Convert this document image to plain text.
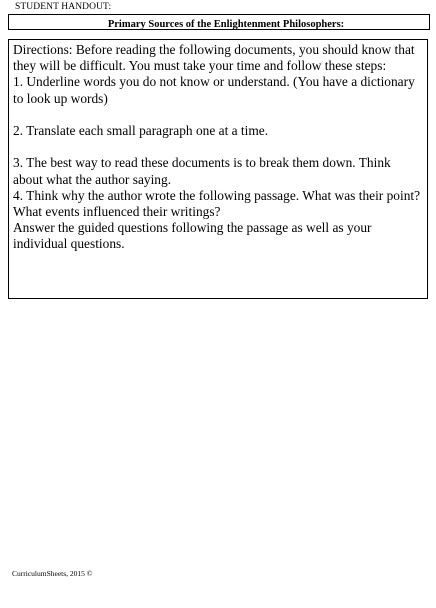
STUDENT HANDOUT:
Primary Sources of the Enlightenment Philosophers:

Directions: Before reading the following documents, you should know that they will be difficult. You must take your time and follow these steps:

1. Underline words you do not know or understand. (You have a dictionary to look up words)

2. Translate each small paragraph one at a time.

3. The best way to read these documents is to break them down. Think about what the author saying.

4. Think why the author wrote the following passage. What was their point? What events influenced their writings?

Answer the guided questions following the passage as well as your individual questions.

CurriculumSheets, 2015 ©
